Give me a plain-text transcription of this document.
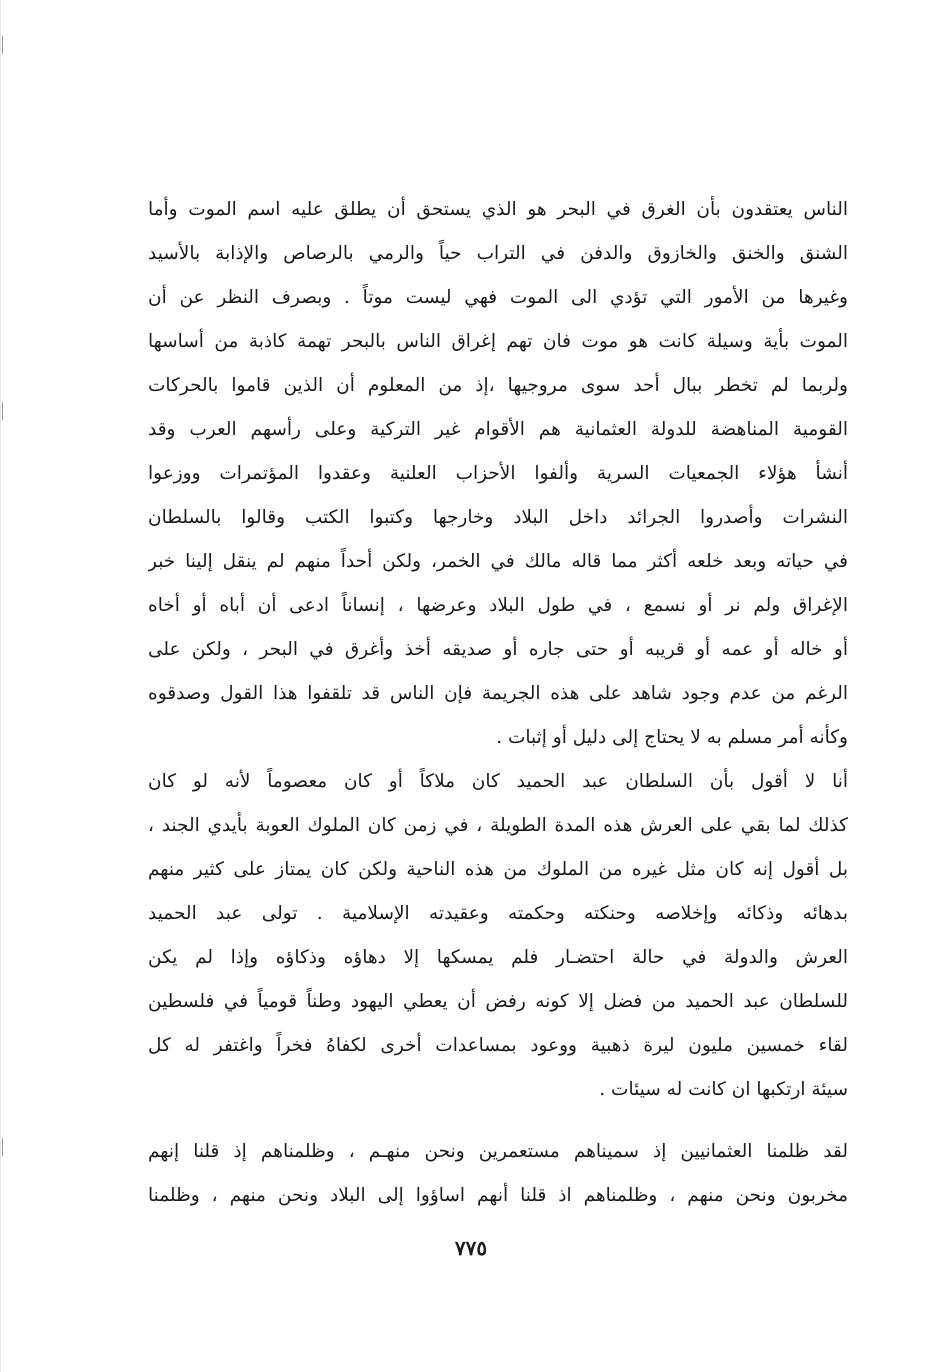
الناس يعتقدون بأن الغرق في البحر هو الذي يستحق أن يطلق عليه اسم الموت وأما
الشنق والخنق والخازوق والدفن في التراب حياً والرمي بالرصاص والإذابة بالأسيد
وغيرها من الأمور التي تؤدي الى الموت فهي ليست موتاً . وبصرف النظر عن أن
الموت بأية وسيلة كانت هو موت فان تهم إغراق الناس بالبحر تهمة كاذبة من أساسها
ولربما لم تخطر ببال أحد سوى مروجيها ،إذ من المعلوم أن الذين قاموا بالحركات
القومية المناهضة للدولة العثمانية هم الأقوام غير التركية وعلى رأسهم العرب وقد
أنشأ هؤلاء الجمعيات السرية وألفوا الأحزاب العلنية وعقدوا المؤتمرات ووزعوا
النشرات وأصدروا الجرائد داخل البلاد وخارجها وكتبوا الكتب وقالوا بالسلطان
في حياته وبعد خلعه أكثر مما قاله مالك في الخمر، ولكن أحداً منهم لم ينقل إلينا خبر
الإغراق ولم نر أو نسمع ، في طول البلاد وعرضها ، إنساناً ادعى أن أباه أو أخاه
أو خاله أو عمه أو قريبه أو حتى جاره أو صديقه أخذ وأغرق في البحر ، ولكن على
الرغم من عدم وجود شاهد على هذه الجريمة فإن الناس قد تلقفوا هذا القول وصدقوه
وكأنه أمر مسلم به لا يحتاج إلى دليل أو إثبات .
أنا لا أقول بأن السلطان عبد الحميد كان ملاكاً أو كان معصوماً لأنه لو كان
كذلك لما بقي على العرش هذه المدة الطويلة ، في زمن كان الملوك العوبة بأيدي الجند ،
بل أقول إنه كان مثل غيره من الملوك من هذه الناحية ولكن كان يمتاز على كثير منهم
بدهائه وذكائه وإخلاصه وحنكته وحكمته وعقيدته الإسلامية . تولى عبد الحميد
العرش والدولة في حالة احتضـار فلم يمسكها إلا دهاؤه وذكاؤه وإذا لم يكن
للسلطان عبد الحميد من فضل إلا كونه رفض أن يعطي اليهود وطناً قومياً في فلسطين
لقاء خمسين مليون ليرة ذهبية ووعود بمساعدات أخرى لكفاهُ فخراً واغتفر له كل
سيئة ارتكبها ان كانت له سيئات .
لقد ظلمنا العثمانيين إذ سميناهم مستعمرين ونحن منهـم ، وظلمناهم إذ قلنا إنهم
مخربون ونحن منهم ، وظلمناهم اذ قلنا أنهم اساؤوا إلى البلاد ونحن منهم ، وظلمنا
٧٧٥
